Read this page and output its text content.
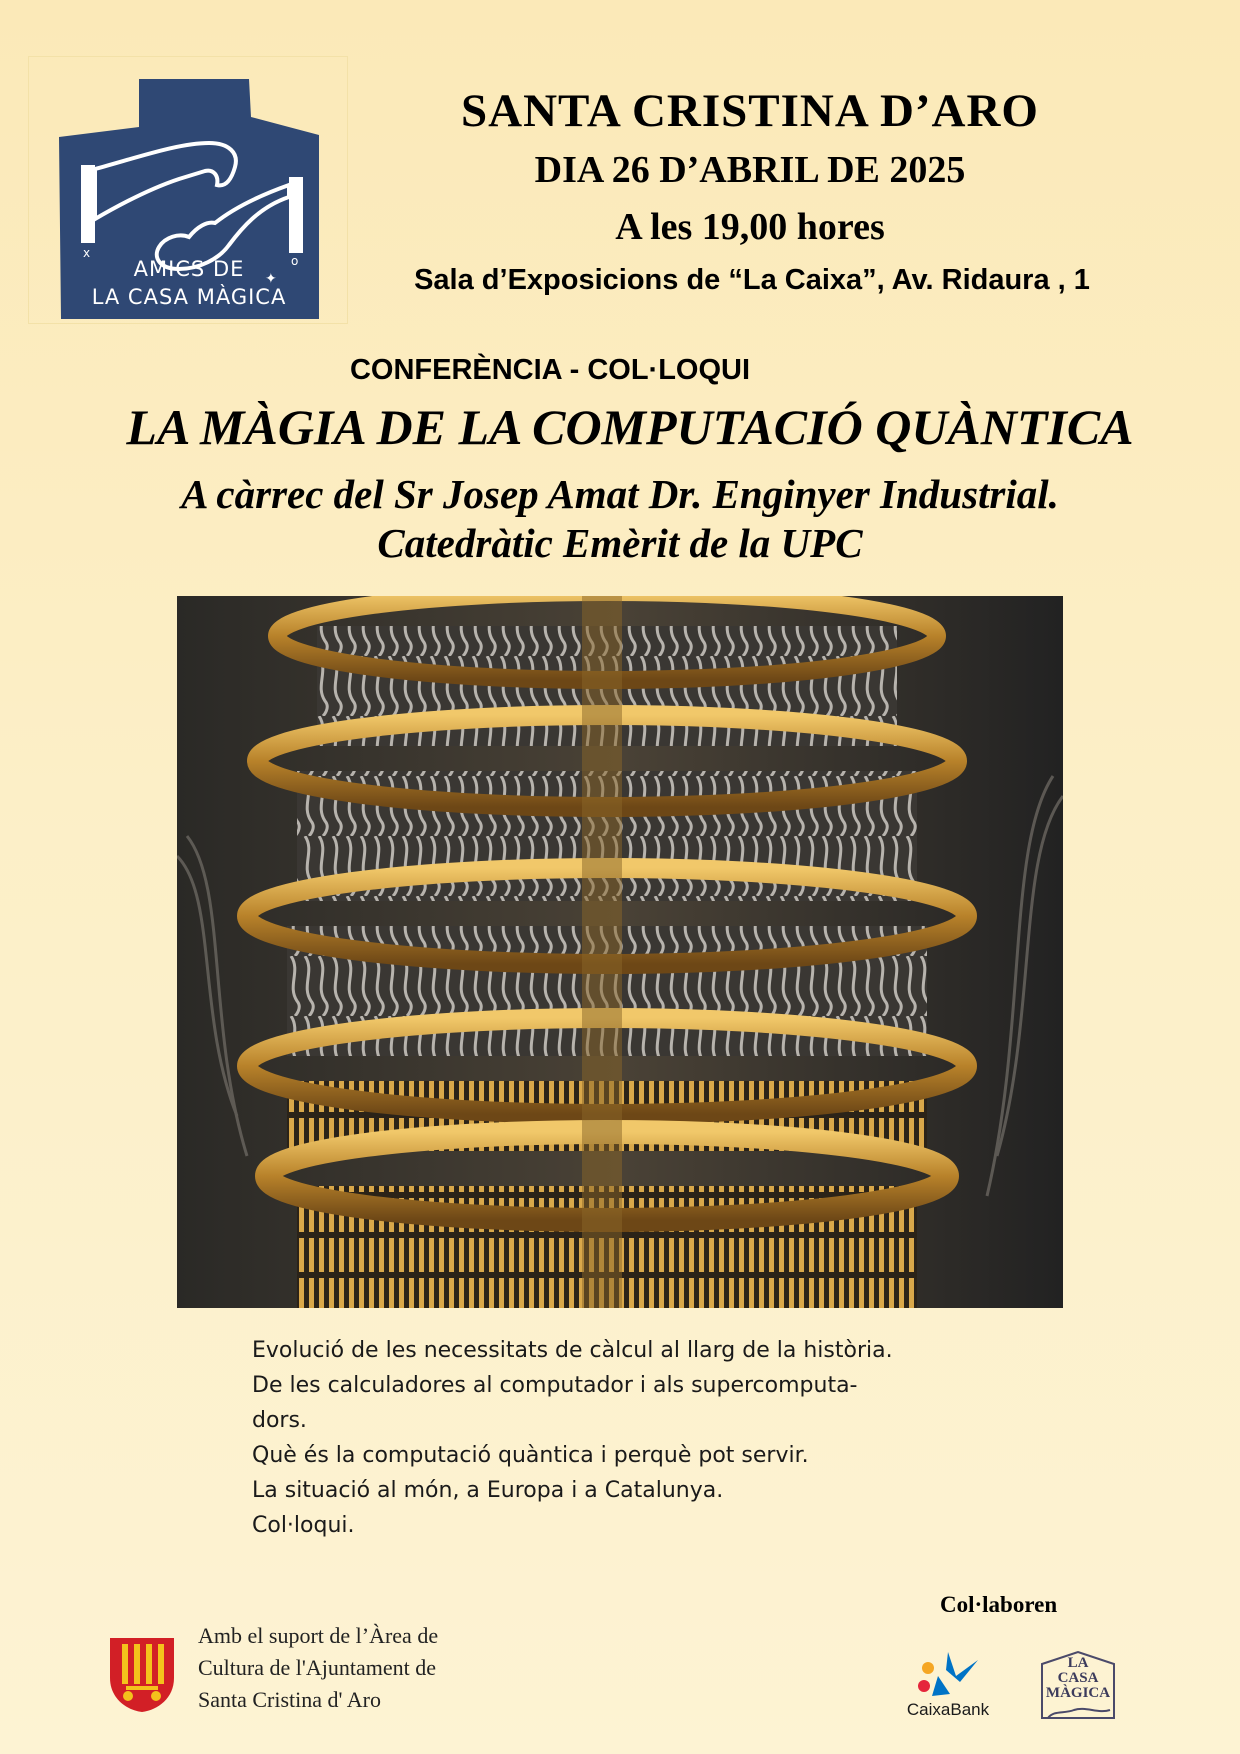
x
o
✦
AMICS DE
LA CASA MÀGICA
SANTA CRISTINA D’ARO
DIA 26 D’ABRIL DE 2025
A les 19,00 hores
Sala d’Exposicions de “La Caixa”, Av. Ridaura , 1
CONFERÈNCIA - COL·LOQUI
LA MÀGIA DE LA COMPUTACIÓ QUÀNTICA
A càrrec del Sr Josep Amat Dr. Enginyer Industrial.
Catedràtic Emèrit de la UPC
Evolució de les necessitats de càlcul al llarg de la història.
De les calculadores al computador i als supercomputa-
dors.
Què és la computació quàntica i perquè pot servir.
La situació al món, a Europa i a Catalunya.
Col·loqui.
Amb el suport de l’Àrea de
Cultura de l'Ajuntament de
Santa Cristina d' Aro
Col·laboren
CaixaBank
LA
CASA
MÀGICA
